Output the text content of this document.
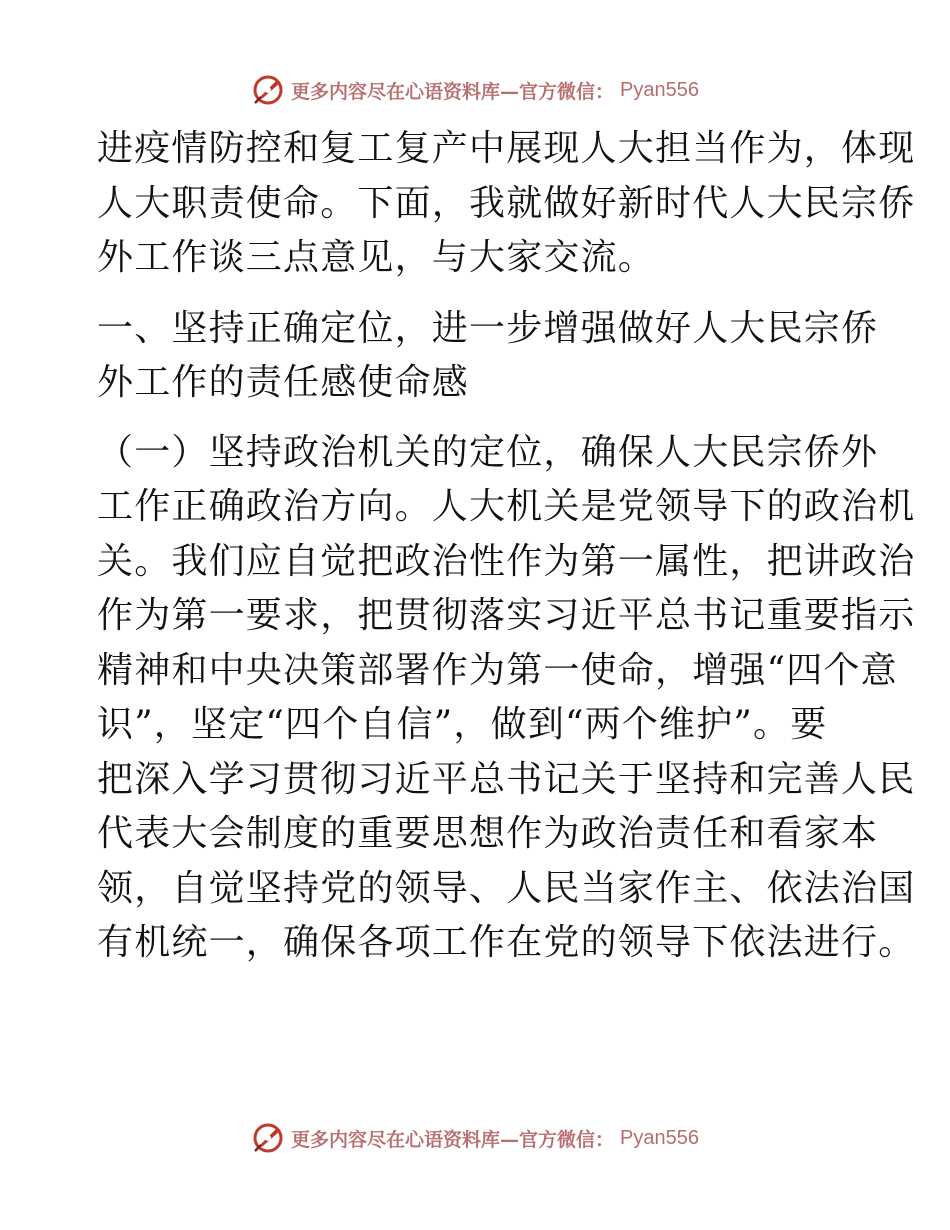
更多内容尽在心语资料库—官方微信： Pyan556

进疫情防控和复工复产中展现人大担当作为，体现
人大职责使命。下面，我就做好新时代人大民宗侨
外工作谈三点意见，与大家交流。

一、坚持正确定位，进一步增强做好人大民宗侨
外工作的责任感使命感

（一）坚持政治机关的定位，确保人大民宗侨外
工作正确政治方向。人大机关是党领导下的政治机
关。我们应自觉把政治性作为第一属性，把讲政治
作为第一要求，把贯彻落实习近平总书记重要指示
精神和中央决策部署作为第一使命，增强“四个意
识”，坚定“四个自信”，做到“两个维护”。要
把深入学习贯彻习近平总书记关于坚持和完善人民
代表大会制度的重要思想作为政治责任和看家本
领，自觉坚持党的领导、人民当家作主、依法治国
有机统一，确保各项工作在党的领导下依法进行。

更多内容尽在心语资料库—官方微信： Pyan556
